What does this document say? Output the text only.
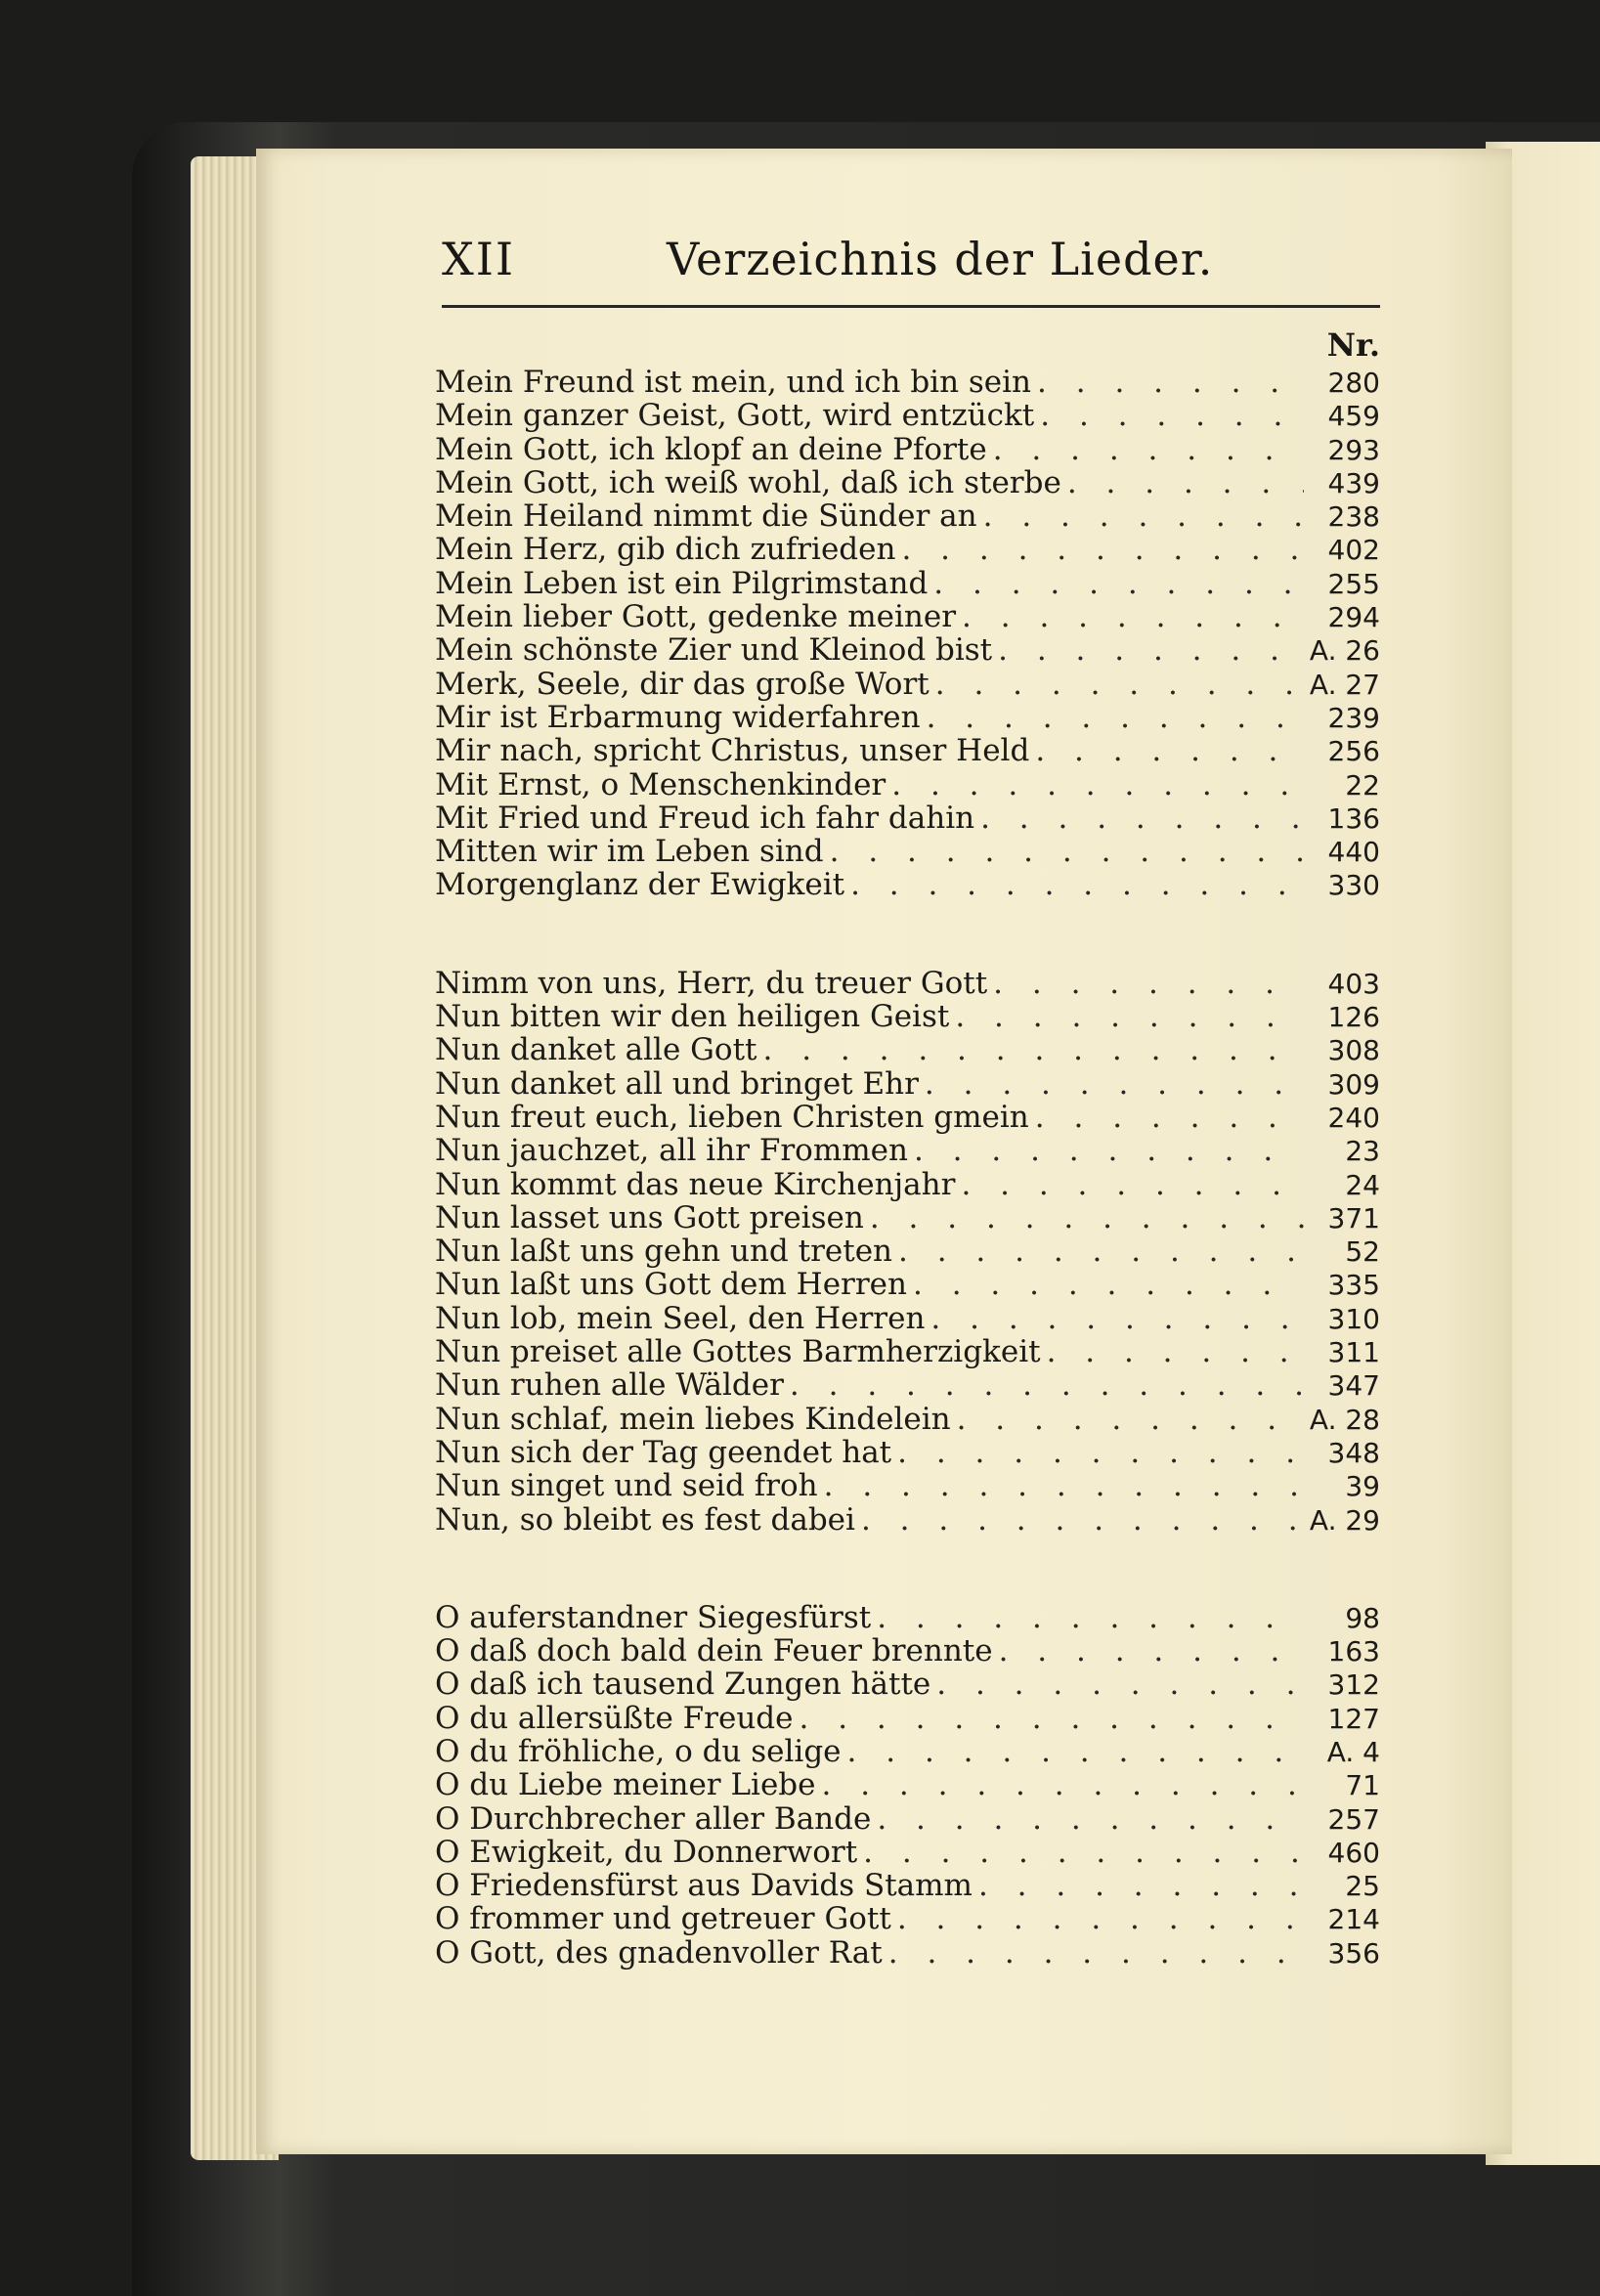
XII	Verzeichnis der Lieder.
Nr.
Mein Freund ist mein, und ich bin sein . . .	280
Mein ganzer Geist, Gott, wird entzückt . . .	459
Mein Gott, ich klopf an deine Pforte . . .	293
Mein Gott, ich weiß wohl, daß ich sterbe . . .	439
Mein Heiland nimmt die Sünder an . . .	238
Mein Herz, gib dich zufrieden . . .	402
Mein Leben ist ein Pilgrimstand . . .	255
Mein lieber Gott, gedenke meiner . . .	294
Mein schönste Zier und Kleinod bist . . .	A. 26
Merk, Seele, dir das große Wort . . .	A. 27
Mir ist Erbarmung widerfahren . . .	239
Mir nach, spricht Christus, unser Held . . .	256
Mit Ernst, o Menschenkinder . . .	22
Mit Fried und Freud ich fahr dahin . . .	136
Mitten wir im Leben sind . . .	440
Morgenglanz der Ewigkeit . . .	330
Nimm von uns, Herr, du treuer Gott . . .	403
Nun bitten wir den heiligen Geist . . .	126
Nun danket alle Gott . . .	308
Nun danket all und bringet Ehr . . .	309
Nun freut euch, lieben Christen gmein . . .	240
Nun jauchzet, all ihr Frommen . . .	23
Nun kommt das neue Kirchenjahr . . .	24
Nun lasset uns Gott preisen . . .	371
Nun laßt uns gehn und treten . . .	52
Nun laßt uns Gott dem Herren . . .	335
Nun lob, mein Seel, den Herren . . .	310
Nun preiset alle Gottes Barmherzigkeit . . .	311
Nun ruhen alle Wälder . . .	347
Nun schlaf, mein liebes Kindelein . . .	A. 28
Nun sich der Tag geendet hat . . .	348
Nun singet und seid froh . . .	39
Nun, so bleibt es fest dabei . . .	A. 29
O auferstandner Siegesfürst . . .	98
O daß doch bald dein Feuer brennte . . .	163
O daß ich tausend Zungen hätte . . .	312
O du allersüßte Freude . . .	127
O du fröhliche, o du selige . . .	A. 4
O du Liebe meiner Liebe . . .	71
O Durchbrecher aller Bande . . .	257
O Ewigkeit, du Donnerwort . . .	460
O Friedensfürst aus Davids Stamm . . .	25
O frommer und getreuer Gott . . .	214
O Gott, des gnadenvoller Rat . . .	356
